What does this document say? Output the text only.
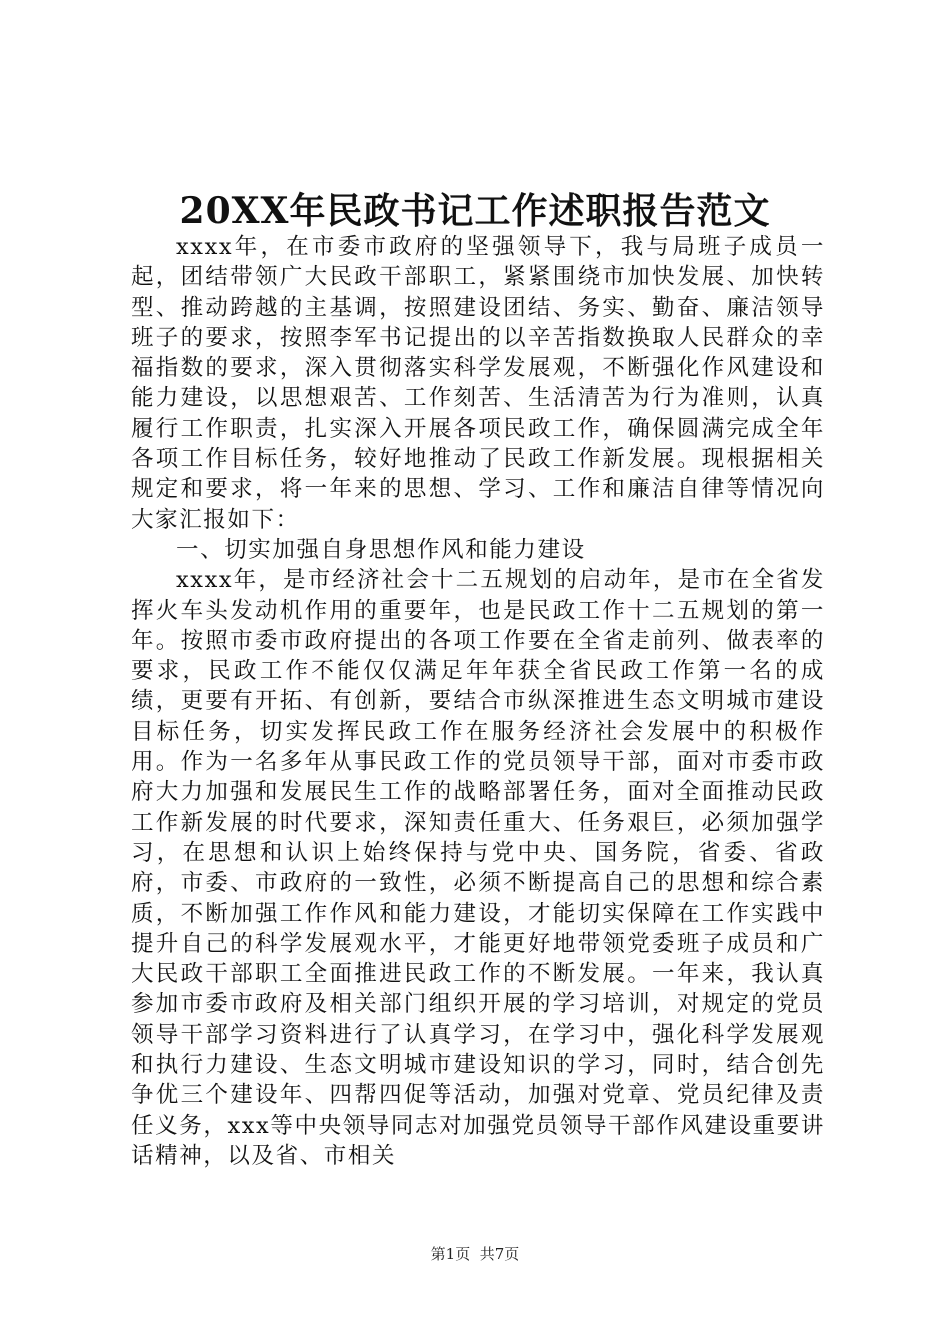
20XX年民政书记工作述职报告范文

xxxx年，在市委市政府的坚强领导下，我与局班子成员一起，团结带领广大民政干部职工，紧紧围绕市加快发展、加快转型、推动跨越的主基调，按照建设团结、务实、勤奋、廉洁领导班子的要求，按照李军书记提出的以辛苦指数换取人民群众的幸福指数的要求，深入贯彻落实科学发展观，不断强化作风建设和能力建设，以思想艰苦、工作刻苦、生活清苦为行为准则，认真履行工作职责，扎实深入开展各项民政工作，确保圆满完成全年各项工作目标任务，较好地推动了民政工作新发展。现根据相关规定和要求，将一年来的思想、学习、工作和廉洁自律等情况向大家汇报如下：

一、切实加强自身思想作风和能力建设

xxxx年，是市经济社会十二五规划的启动年，是市在全省发挥火车头发动机作用的重要年，也是民政工作十二五规划的第一年。按照市委市政府提出的各项工作要在全省走前列、做表率的要求，民政工作不能仅仅满足年年获全省民政工作第一名的成绩，更要有开拓、有创新，要结合市纵深推进生态文明城市建设目标任务，切实发挥民政工作在服务经济社会发展中的积极作用。作为一名多年从事民政工作的党员领导干部，面对市委市政府大力加强和发展民生工作的战略部署任务，面对全面推动民政工作新发展的时代要求，深知责任重大、任务艰巨，必须加强学习，在思想和认识上始终保持与党中央、国务院，省委、省政府，市委、市政府的一致性，必须不断提高自己的思想和综合素质，不断加强工作作风和能力建设，才能切实保障在工作实践中提升自己的科学发展观水平，才能更好地带领党委班子成员和广大民政干部职工全面推进民政工作的不断发展。一年来，我认真参加市委市政府及相关部门组织开展的学习培训，对规定的党员领导干部学习资料进行了认真学习，在学习中，强化科学发展观和执行力建设、生态文明城市建设知识的学习，同时，结合创先争优三个建设年、四帮四促等活动，加强对党章、党员纪律及责任义务，xxx等中央领导同志对加强党员领导干部作风建设重要讲话精神，以及省、市相关

第1页 共7页
